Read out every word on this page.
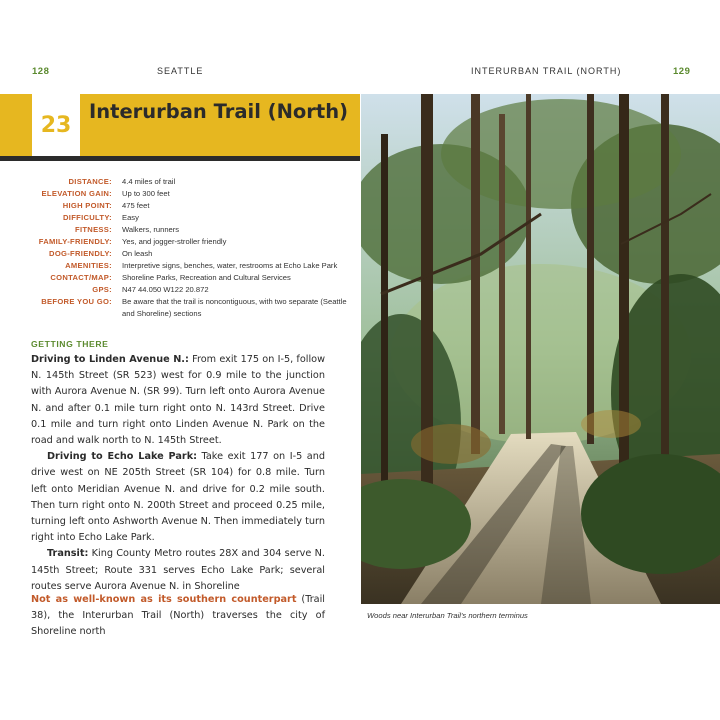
128	SEATTLE	INTERURBAN TRAIL (NORTH)	129
23
Interurban Trail (North)
DISTANCE:	4.4 miles of trail
ELEVATION GAIN:	Up to 300 feet
HIGH POINT:	475 feet
DIFFICULTY:	Easy
FITNESS:	Walkers, runners
FAMILY-FRIENDLY:	Yes, and jogger-stroller friendly
DOG-FRIENDLY:	On leash
AMENITIES:	Interpretive signs, benches, water, restrooms at Echo Lake Park
CONTACT/MAP:	Shoreline Parks, Recreation and Cultural Services
GPS:	N47 44.050 W122 20.872
BEFORE YOU GO:	Be aware that the trail is noncontiguous, with two separate (Seattle and Shoreline) sections
GETTING THERE

Driving to Linden Avenue N.: From exit 175 on I-5, follow N. 145th Street (SR 523) west for 0.9 mile to the junction with Aurora Avenue N. (SR 99). Turn left onto Aurora Avenue N. and after 0.1 mile turn right onto N. 143rd Street. Drive 0.1 mile and turn right onto Linden Avenue N. Park on the road and walk north to N. 145th Street.

Driving to Echo Lake Park: Take exit 177 on I-5 and drive west on NE 205th Street (SR 104) for 0.8 mile. Turn left onto Meridian Avenue N. and drive for 0.2 mile south. Then turn right onto N. 200th Street and proceed 0.25 mile, turning left onto Ashworth Avenue N. Then immediately turn right into Echo Lake Park.

Transit: King County Metro routes 28X and 304 serve N. 145th Street; Route 331 serves Echo Lake Park; several routes serve Aurora Avenue N. in Shoreline

Not as well-known as its southern counterpart (Trail 38), the Interurban Trail (North) traverses the city of Shoreline north

Woods near Interurban Trail's northern terminus
